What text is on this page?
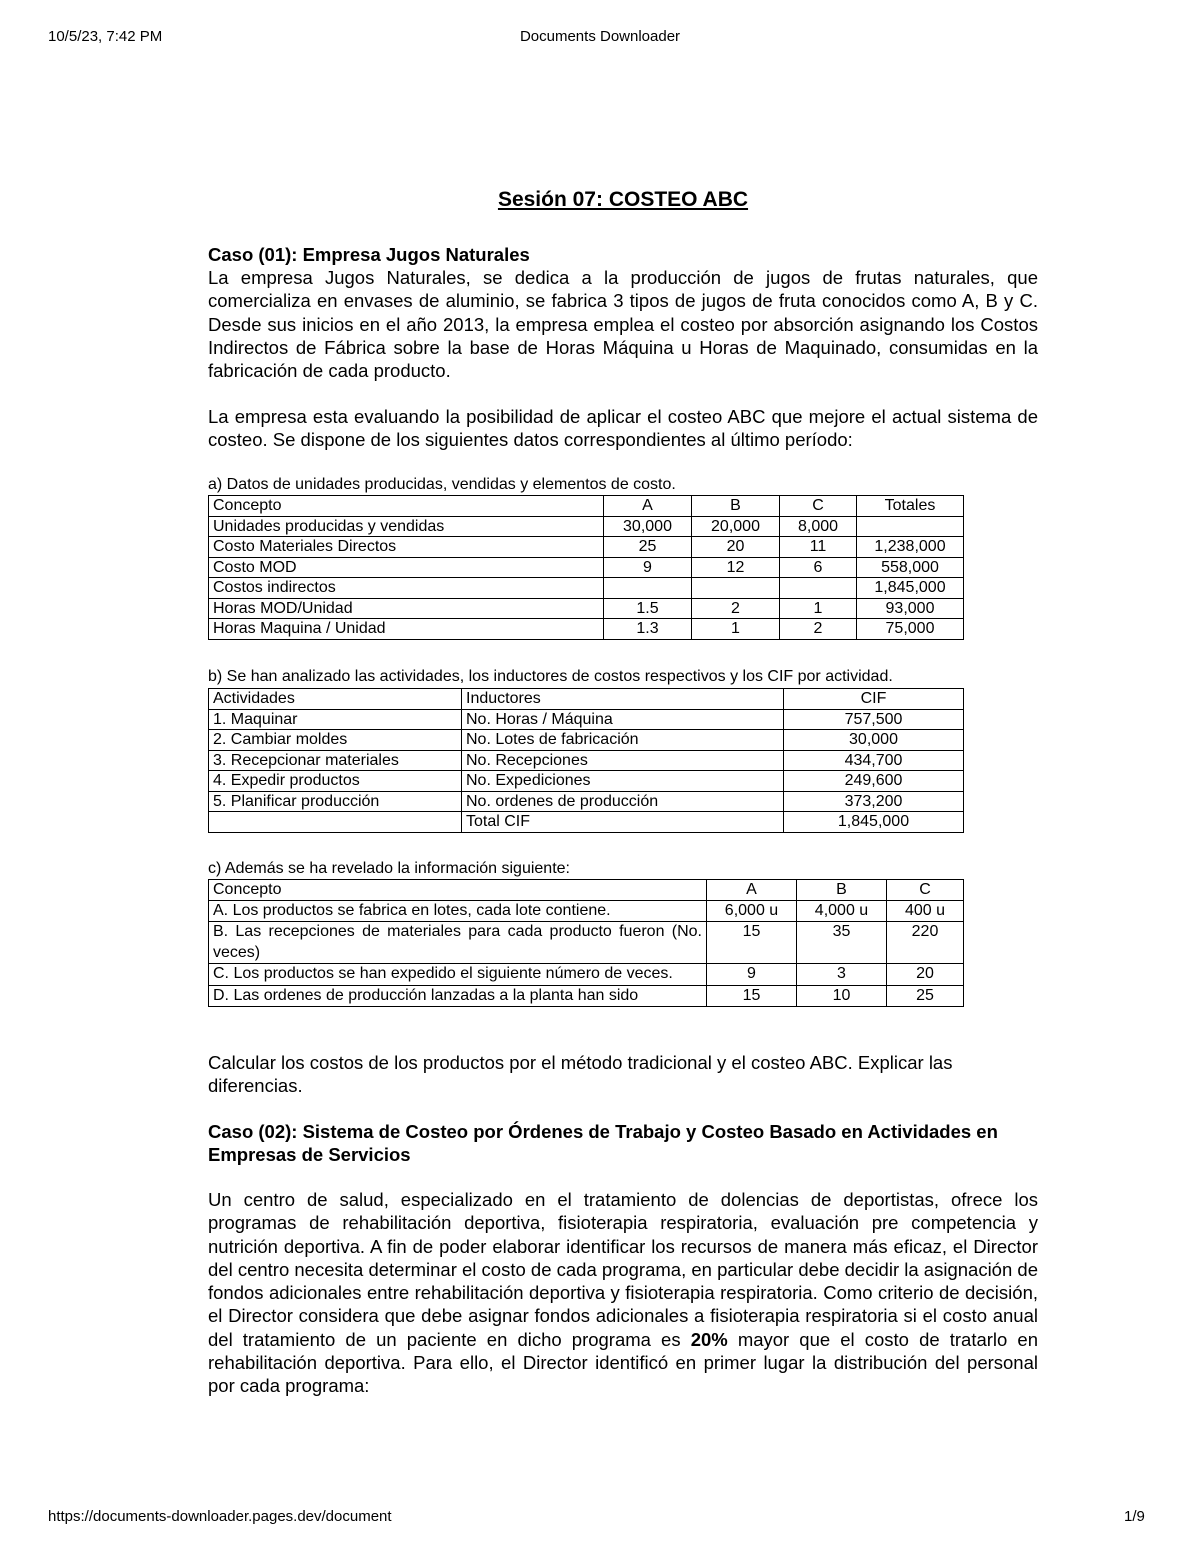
10/5/23, 7:42 PM	Documents Downloader
https://documents-downloader.pages.dev/document	1/9
Sesión 07: COSTEO ABC
Caso (01): Empresa Jugos Naturales

La empresa Jugos Naturales, se dedica a la producción de jugos de frutas naturales, que comercializa en envases de aluminio, se fabrica 3 tipos de jugos de fruta conocidos como A, B y C. Desde sus inicios en el año 2013, la empresa emplea el costeo por absorción asignando los Costos Indirectos de Fábrica sobre la base de Horas Máquina u Horas de Maquinado, consumidas en la fabricación de cada producto.

La empresa esta evaluando la posibilidad de aplicar el costeo ABC que mejore el actual sistema de costeo. Se dispone de los siguientes datos correspondientes al último período:

a) Datos de unidades producidas, vendidas y elementos de costo.
Concepto	A	B	C	Totales
Unidades producidas y vendidas	30,000	20,000	8,000	
Costo Materiales Directos	25	20	11	1,238,000
Costo MOD	9	12	6	558,000
Costos indirectos				1,845,000
Horas MOD/Unidad	1.5	2	1	93,000
Horas Maquina / Unidad	1.3	1	2	75,000
b) Se han analizado las actividades, los inductores de costos respectivos y los CIF por actividad.
Actividades	Inductores	CIF
1. Maquinar	No. Horas / Máquina	757,500
2. Cambiar moldes	No. Lotes de fabricación	30,000
3. Recepcionar materiales	No. Recepciones	434,700
4. Expedir productos	No. Expediciones	249,600
5. Planificar producción	No. ordenes de producción	373,200
	Total CIF	1,845,000
c) Además se ha revelado la información siguiente:
Concepto	A	B	C
A. Los productos se fabrica en lotes, cada lote contiene.	6,000 u	4,000 u	400 u
B. Las recepciones de materiales para cada producto fueron (No. veces)	15	35	220
C. Los productos se han expedido el siguiente número de veces.	9	3	20
D. Las ordenes de producción lanzadas a la planta han sido	15	10	25

Calcular los costos de los productos por el método tradicional y el costeo ABC. Explicar las diferencias.

Caso (02): Sistema de Costeo por Órdenes de Trabajo y Costeo Basado en Actividades en Empresas de Servicios

Un centro de salud, especializado en el tratamiento de dolencias de deportistas, ofrece los programas de rehabilitación deportiva, fisioterapia respiratoria, evaluación pre competencia y nutrición deportiva. A fin de poder elaborar identificar los recursos de manera más eficaz, el Director del centro necesita determinar el costo de cada programa, en particular debe decidir la asignación de fondos adicionales entre rehabilitación deportiva y fisioterapia respiratoria. Como criterio de decisión, el Director considera que debe asignar fondos adicionales a fisioterapia respiratoria si el costo anual del tratamiento de un paciente en dicho programa es 20% mayor que el costo de tratarlo en rehabilitación deportiva. Para ello, el Director identificó en primer lugar la distribución del personal por cada programa:
